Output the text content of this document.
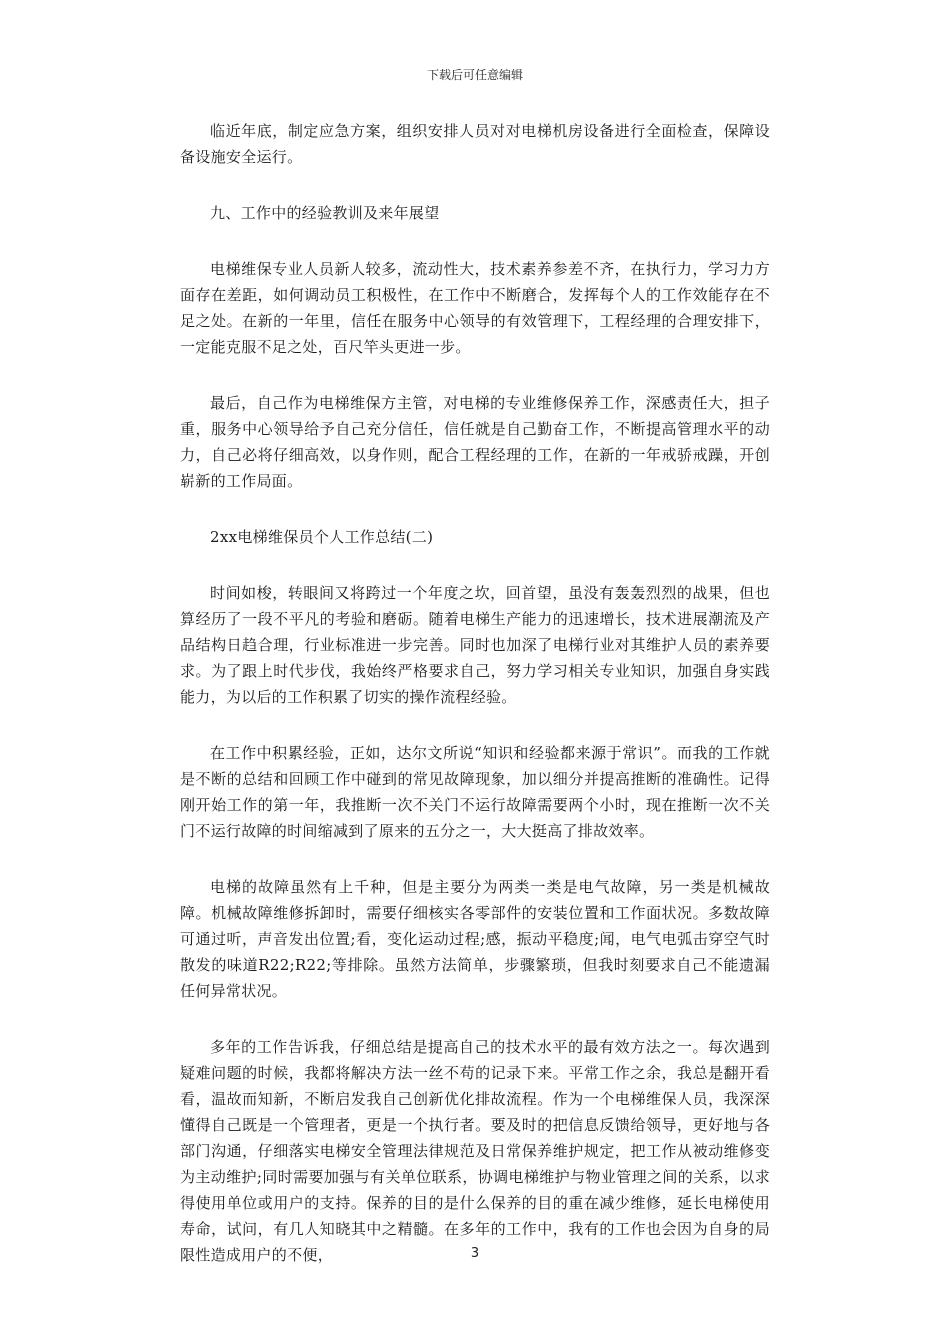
下载后可任意编辑

临近年底，制定应急方案，组织安排人员对对电梯机房设备进行全面检查，保障设备设施安全运行。

九、工作中的经验教训及来年展望

电梯维保专业人员新人较多，流动性大，技术素养参差不齐，在执行力，学习力方面存在差距，如何调动员工积极性，在工作中不断磨合，发挥每个人的工作效能存在不足之处。在新的一年里，信任在服务中心领导的有效管理下，工程经理的合理安排下，一定能克服不足之处，百尺竿头更进一步。

最后，自己作为电梯维保方主管，对电梯的专业维修保养工作，深感责任大，担子重，服务中心领导给予自己充分信任，信任就是自己勤奋工作，不断提高管理水平的动力，自己必将仔细高效，以身作则，配合工程经理的工作，在新的一年戒骄戒躁，开创崭新的工作局面。

2xx电梯维保员个人工作总结(二)

时间如梭，转眼间又将跨过一个年度之坎，回首望，虽没有轰轰烈烈的战果，但也算经历了一段不平凡的考验和磨砺。随着电梯生产能力的迅速增长，技术进展潮流及产品结构日趋合理，行业标准进一步完善。同时也加深了电梯行业对其维护人员的素养要求。为了跟上时代步伐，我始终严格要求自己，努力学习相关专业知识，加强自身实践能力，为以后的工作积累了切实的操作流程经验。

在工作中积累经验，正如，达尔文所说“知识和经验都来源于常识”。而我的工作就是不断的总结和回顾工作中碰到的常见故障现象，加以细分并提高推断的准确性。记得刚开始工作的第一年，我推断一次不关门不运行故障需要两个小时，现在推断一次不关门不运行故障的时间缩减到了原来的五分之一，大大挺高了排故效率。

电梯的故障虽然有上千种，但是主要分为两类一类是电气故障，另一类是机械故障。机械故障维修拆卸时，需要仔细核实各零部件的安装位置和工作面状况。多数故障可通过听，声音发出位置;看，变化运动过程;感，振动平稳度;闻，电气电弧击穿空气时散发的味道R22;R22;等排除。虽然方法简单，步骤繁琐，但我时刻要求自己不能遗漏任何异常状况。

多年的工作告诉我，仔细总结是提高自己的技术水平的最有效方法之一。每次遇到疑难问题的时候，我都将解决方法一丝不苟的记录下来。平常工作之余，我总是翻开看看，温故而知新，不断启发我自己创新优化排故流程。作为一个电梯维保人员，我深深懂得自己既是一个管理者，更是一个执行者。要及时的把信息反馈给领导，更好地与各部门沟通，仔细落实电梯安全管理法律规范及日常保养维护规定，把工作从被动维修变为主动维护;同时需要加强与有关单位联系，协调电梯维护与物业管理之间的关系，以求得使用单位或用户的支持。保养的目的是什么保养的目的重在减少维修，延长电梯使用寿命，试问，有几人知晓其中之精髓。在多年的工作中，我有的工作也会因为自身的局限性造成用户的不便，	3
